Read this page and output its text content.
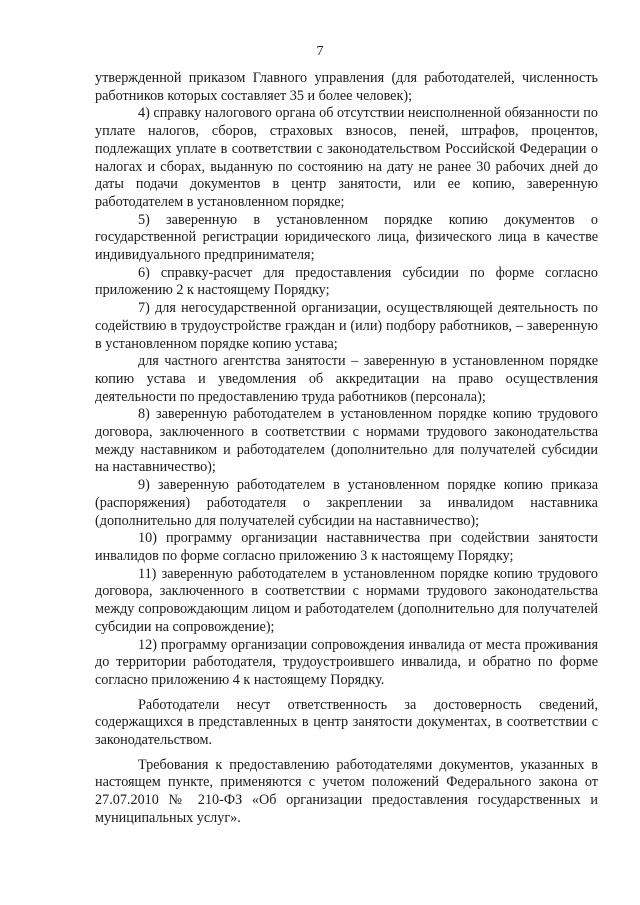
7

утвержденной приказом Главного управления (для работодателей, численность работников которых составляет 35 и более человек);

4) справку налогового органа об отсутствии неисполненной обязанности по уплате налогов, сборов, страховых взносов, пеней, штрафов, процентов, подлежащих уплате в соответствии с законодательством Российской Федерации о налогах и сборах, выданную по состоянию на дату не ранее 30 рабочих дней до даты подачи документов в центр занятости, или ее копию, заверенную работодателем в установленном порядке;

5) заверенную в установленном порядке копию документов о государственной регистрации юридического лица, физического лица в качестве индивидуального предпринимателя;

6) справку-расчет для предоставления субсидии по форме согласно приложению 2 к настоящему Порядку;

7) для негосударственной организации, осуществляющей деятельность по содействию в трудоустройстве граждан и (или) подбору работников, – заверенную в установленном порядке копию устава;

для частного агентства занятости – заверенную в установленном порядке копию устава и уведомления об аккредитации на право осуществления деятельности по предоставлению труда работников (персонала);

8) заверенную работодателем в установленном порядке копию трудового договора, заключенного в соответствии с нормами трудового законодательства между наставником и работодателем (дополнительно для получателей субсидии на наставничество);

9) заверенную работодателем в установленном порядке копию приказа (распоряжения) работодателя о закреплении за инвалидом наставника (дополнительно для получателей субсидии на наставничество);

10) программу организации наставничества при содействии занятости инвалидов по форме согласно приложению 3 к настоящему Порядку;

11) заверенную работодателем в установленном порядке копию трудового договора, заключенного в соответствии с нормами трудового законодательства между сопровождающим лицом и работодателем (дополнительно для получателей субсидии на сопровождение);

12) программу организации сопровождения инвалида от места проживания до территории работодателя, трудоустроившего инвалида, и обратно по форме согласно приложению 4 к настоящему Порядку.

Работодатели несут ответственность за достоверность сведений, содержащихся в представленных в центр занятости документах, в соответствии с законодательством.

Требования к предоставлению работодателями документов, указанных в настоящем пункте, применяются с учетом положений Федерального закона от 27.07.2010 № 210-ФЗ «Об организации предоставления государственных и муниципальных услуг».
